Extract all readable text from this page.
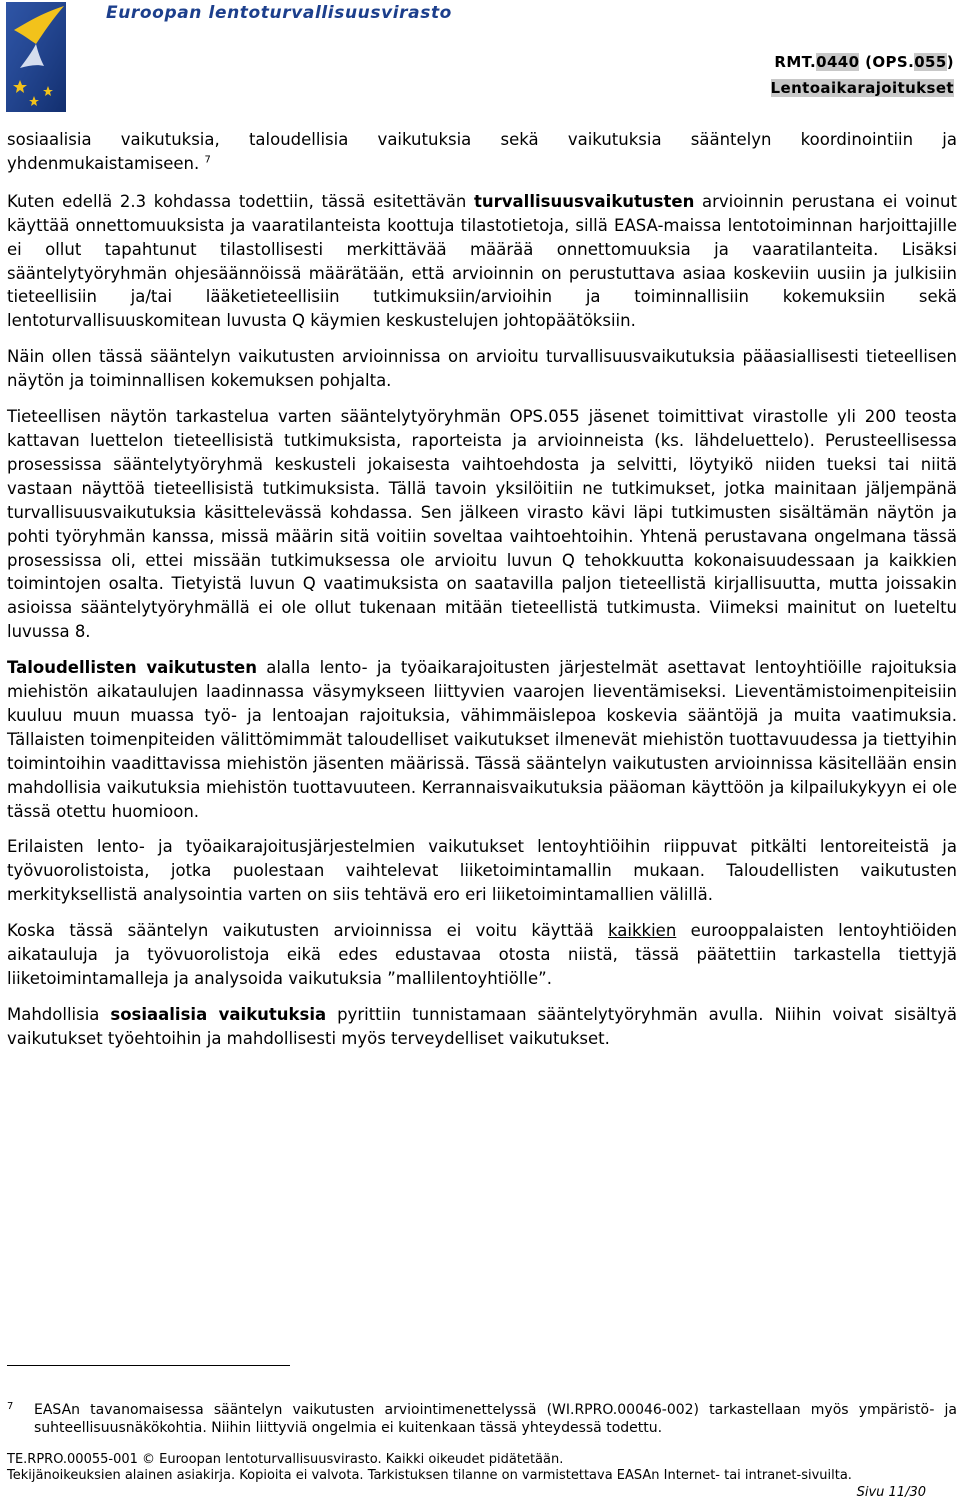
Euroopan lentoturvallisuusvirasto
RMT.0440 (OPS.055)
Lentoaikarajoitukset

sosiaalisia vaikutuksia, taloudellisia vaikutuksia sekä vaikutuksia sääntelyn koordinointiin ja yhdenmukaistamiseen. $^7$

Kuten edellä 2.3 kohdassa todettiin, tässä esitettävän turvallisuusvaikutusten arvioinnin perustana ei voinut käyttää onnettomuuksista ja vaaratilanteista koottuja tilastotietoja, sillä EASA-maissa lentotoiminnan harjoittajille ei ollut tapahtunut tilastollisesti merkittävää määrää onnettomuuksia ja vaaratilanteita. Lisäksi sääntelytyöryhmän ohjesäännöissä määrätään, että arvioinnin on perustuttava asiaa koskeviin uusiin ja julkisiin tieteellisiin ja/tai lääketieteellisiin tutkimuksiin/arvioihin ja toiminnallisiin kokemuksiin sekä lentoturvallisuuskomitean luvusta Q käymien keskustelujen johtopäätöksiin.

Näin ollen tässä sääntelyn vaikutusten arvioinnissa on arvioitu turvallisuusvaikutuksia pääasiallisesti tieteellisen näytön ja toiminnallisen kokemuksen pohjalta.

Tieteellisen näytön tarkastelua varten sääntelytyöryhmän OPS.055 jäsenet toimittivat virastolle yli 200 teosta kattavan luettelon tieteellisistä tutkimuksista, raporteista ja arvioinneista (ks. lähdeluettelo). Perusteellisessa prosessissa sääntelytyöryhmä keskusteli jokaisesta vaihtoehdosta ja selvitti, löytyikö niiden tueksi tai niitä vastaan näyttöä tieteellisistä tutkimuksista. Tällä tavoin yksilöitiin ne tutkimukset, jotka mainitaan jäljempänä turvallisuusvaikutuksia käsittelevässä kohdassa. Sen jälkeen virasto kävi läpi tutkimusten sisältämän näytön ja pohti työryhmän kanssa, missä määrin sitä voitiin soveltaa vaihtoehtoihin. Yhtenä perustavana ongelmana tässä prosessissa oli, ettei missään tutkimuksessa ole arvioitu luvun Q tehokkuutta kokonaisuudessaan ja kaikkien toimintojen osalta. Tietyistä luvun Q vaatimuksista on saatavilla paljon tieteellistä kirjallisuutta, mutta joissakin asioissa sääntelytyöryhmällä ei ole ollut tukenaan mitään tieteellistä tutkimusta. Viimeksi mainitut on lueteltu luvussa 8.

Taloudellisten vaikutusten alalla lento- ja työaikarajoitusten järjestelmät asettavat lentoyhtiöille rajoituksia miehistön aikataulujen laadinnassa väsymykseen liittyvien vaarojen lieventämiseksi. Lieventämistoimenpiteisiin kuuluu muun muassa työ- ja lentoajan rajoituksia, vähimmäislepoa koskevia sääntöjä ja muita vaatimuksia. Tällaisten toimenpiteiden välittömimmät taloudelliset vaikutukset ilmenevät miehistön tuottavuudessa ja tiettyihin toimintoihin vaadittavissa miehistön jäsenten määrissä. Tässä sääntelyn vaikutusten arvioinnissa käsitellään ensin mahdollisia vaikutuksia miehistön tuottavuuteen. Kerrannaisvaikutuksia pääoman käyttöön ja kilpailukykyyn ei ole tässä otettu huomioon.

Erilaisten lento- ja työaikarajoitusjärjestelmien vaikutukset lentoyhtiöihin riippuvat pitkälti lentoreiteistä ja työvuorolistoista, jotka puolestaan vaihtelevat liiketoimintamallin mukaan. Taloudellisten vaikutusten merkityksellistä analysointia varten on siis tehtävä ero eri liiketoimintamallien välillä.

Koska tässä sääntelyn vaikutusten arvioinnissa ei voitu käyttää kaikkien eurooppalaisten lentoyhtiöiden aikatauluja ja työvuorolistoja eikä edes edustavaa otosta niistä, tässä päätettiin tarkastella tiettyjä liiketoimintamalleja ja analysoida vaikutuksia ”mallilentoyhtiölle”.

Mahdollisia sosiaalisia vaikutuksia pyrittiin tunnistamaan sääntelytyöryhmän avulla. Niihin voivat sisältyä vaikutukset työehtoihin ja mahdollisesti myös terveydelliset vaikutukset.

7 EASAn tavanomaisessa sääntelyn vaikutusten arviointimenettelyssä (WI.RPRO.00046-002) tarkastellaan myös ympäristö- ja suhteellisuusnäkökohtia. Niihin liittyviä ongelmia ei kuitenkaan tässä yhteydessä todettu.
TE.RPRO.00055-001 © Euroopan lentoturvallisuusvirasto. Kaikki oikeudet pidätetään.
Tekijänoikeuksien alainen asiakirja. Kopioita ei valvota. Tarkistuksen tilanne on varmistettava EASAn Internet- tai intranet-sivuilta.
Sivu 11/30
